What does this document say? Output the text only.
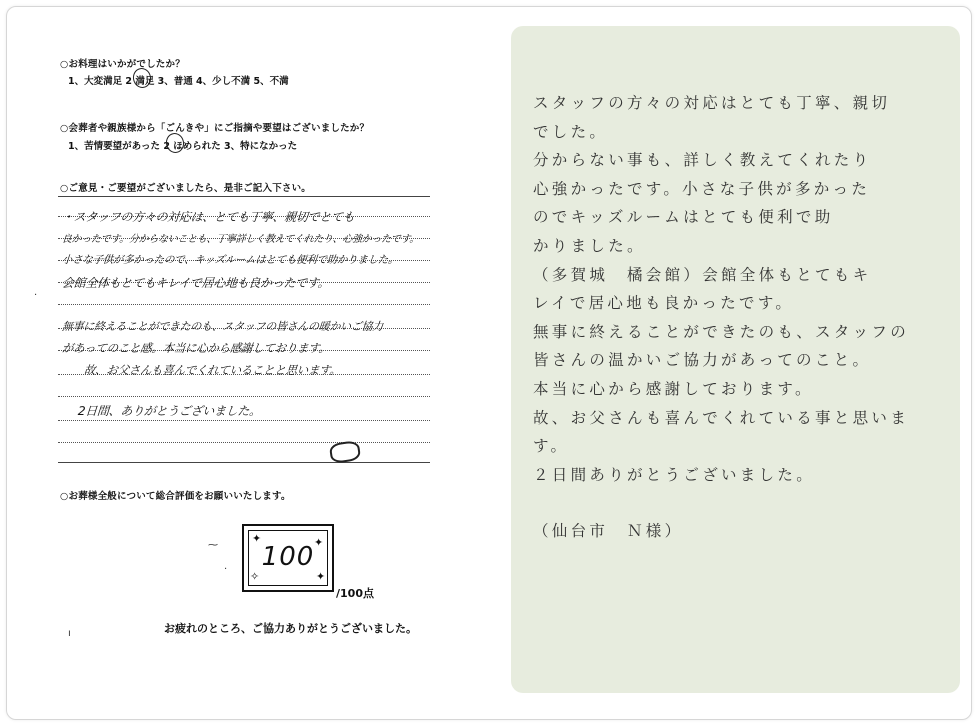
○お料理はいかがでしたか？
1、大変満足 2 満足 3、普通 4、少し不満 5、不満
○会葬者や親族様から「ごんきや」にご指摘や要望はございましたか？
1、苦情要望があった 2 ほめられた 3、特になかった
○ご意見・ご要望がございましたら、是非ご記入下さい。
・スタッフの方々の対応は、とても丁寧、親切でとても
良かったです。分からないことも、丁寧詳しく教えてくれたり、心強かったです。
小さな子供が多かったので、キッズルームはとても便利で助かりました。
会館全体もとてもキレイで居心地も良かったです。
無事に終えることができたのも、スタッフの皆さんの暖かいご協力
があってのこと感。本当に心から感謝しております。
故、お父さんも喜んでくれていることと思います。
2日間、ありがとうございました。
·
○お葬様全般について総合評価をお願いいたします。
✦	✦
✧	✦
100
⁓
·
/100点
ı	お疲れのところ、ご協力ありがとうございました。

スタッフの方々の対応はとても丁寧、親切

でした。

分からない事も、詳しく教えてくれたり

心強かったです。小さな子供が多かった

のでキッズルームはとても便利で助

かりました。

（多賀城　橘会館）会館全体もとてもキ

レイで居心地も良かったです。

無事に終えることができたのも、スタッフの

皆さんの温かいご協力があってのこと。

本当に心から感謝しております。

故、お父さんも喜んでくれている事と思います。

２日間ありがとうございました。

（仙台市　Ｎ様）
